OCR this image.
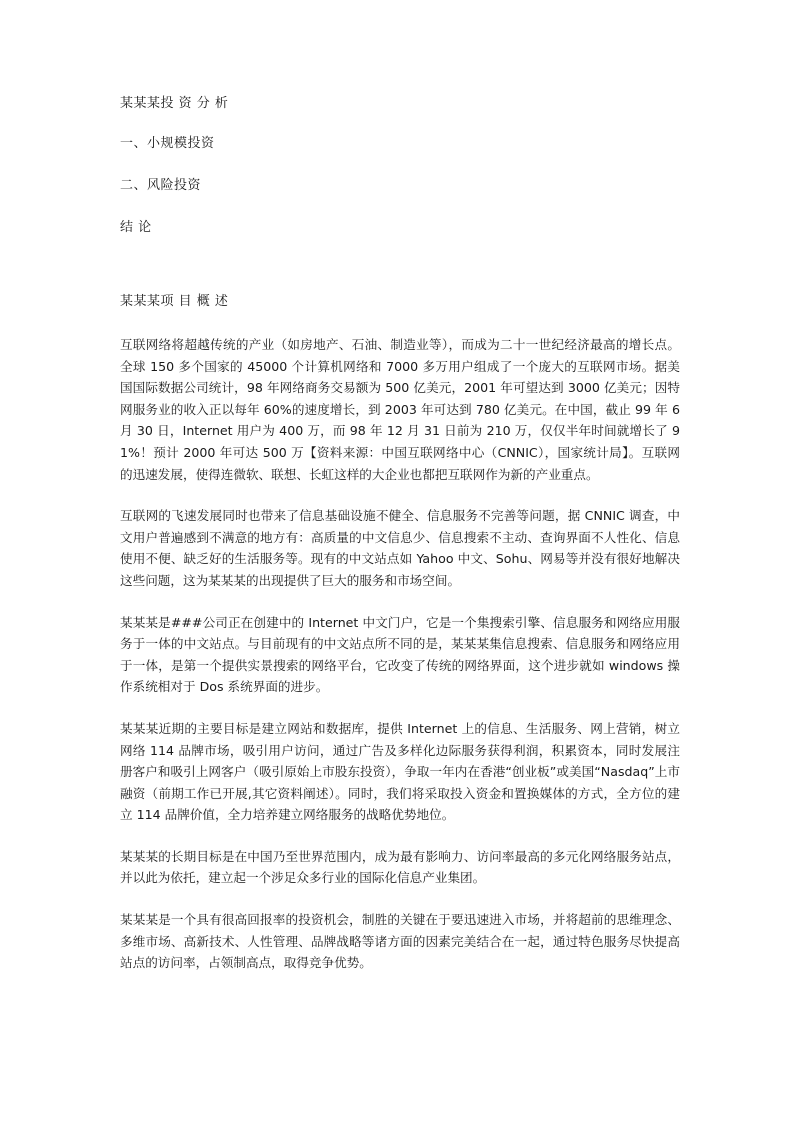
某某某投 资 分 析
一、小规模投资
二、风险投资
结 论
某某某项 目 概 述

互联网络将超越传统的产业（如房地产、石油、制造业等），而成为二十一世纪经济最高的增长点。全球 150 多个国家的 45000 个计算机网络和 7000 多万用户组成了一个庞大的互联网市场。据美国国际数据公司统计，98 年网络商务交易额为 500 亿美元，2001 年可望达到 3000 亿美元；因特网服务业的收入正以每年 60%的速度增长，到 2003 年可达到 780 亿美元。在中国，截止 99 年 6 月 30 日，Internet 用户为 400 万，而 98 年 12 月 31 日前为 210 万，仅仅半年时间就增长了 91%！预计 2000 年可达 500 万【资料来源：中国互联网络中心（CNNIC），国家统计局】。互联网的迅速发展，使得连微软、联想、长虹这样的大企业也都把互联网作为新的产业重点。

互联网的飞速发展同时也带来了信息基础设施不健全、信息服务不完善等问题，据 CNNIC 调查，中文用户普遍感到不满意的地方有：高质量的中文信息少、信息搜索不主动、查询界面不人性化、信息使用不便、缺乏好的生活服务等。现有的中文站点如 Yahoo 中文、Sohu、网易等并没有很好地解决这些问题，这为某某某的出现提供了巨大的服务和市场空间。

某某某是###公司正在创建中的 Internet 中文门户，它是一个集搜索引擎、信息服务和网络应用服务于一体的中文站点。与目前现有的中文站点所不同的是，某某某集信息搜索、信息服务和网络应用于一体，是第一个提供实景搜索的网络平台，它改变了传统的网络界面，这个进步就如 windows 操作系统相对于 Dos 系统界面的进步。

某某某近期的主要目标是建立网站和数据库，提供 Internet 上的信息、生活服务、网上营销，树立网络 114 品牌市场，吸引用户访问，通过广告及多样化边际服务获得利润，积累资本，同时发展注册客户和吸引上网客户（吸引原始上市股东投资），争取一年内在香港“创业板”或美国“Nasdaq”上市融资（前期工作已开展,其它资料阐述）。同时，我们将采取投入资金和置换媒体的方式，全方位的建立 114 品牌价值，全力培养建立网络服务的战略优势地位。

某某某的长期目标是在中国乃至世界范围内，成为最有影响力、访问率最高的多元化网络服务站点，并以此为依托，建立起一个涉足众多行业的国际化信息产业集团。

某某某是一个具有很高回报率的投资机会，制胜的关键在于要迅速进入市场，并将超前的思维理念、多维市场、高新技术、人性管理、品牌战略等诸方面的因素完美结合在一起，通过特色服务尽快提高站点的访问率，占领制高点，取得竞争优势。
